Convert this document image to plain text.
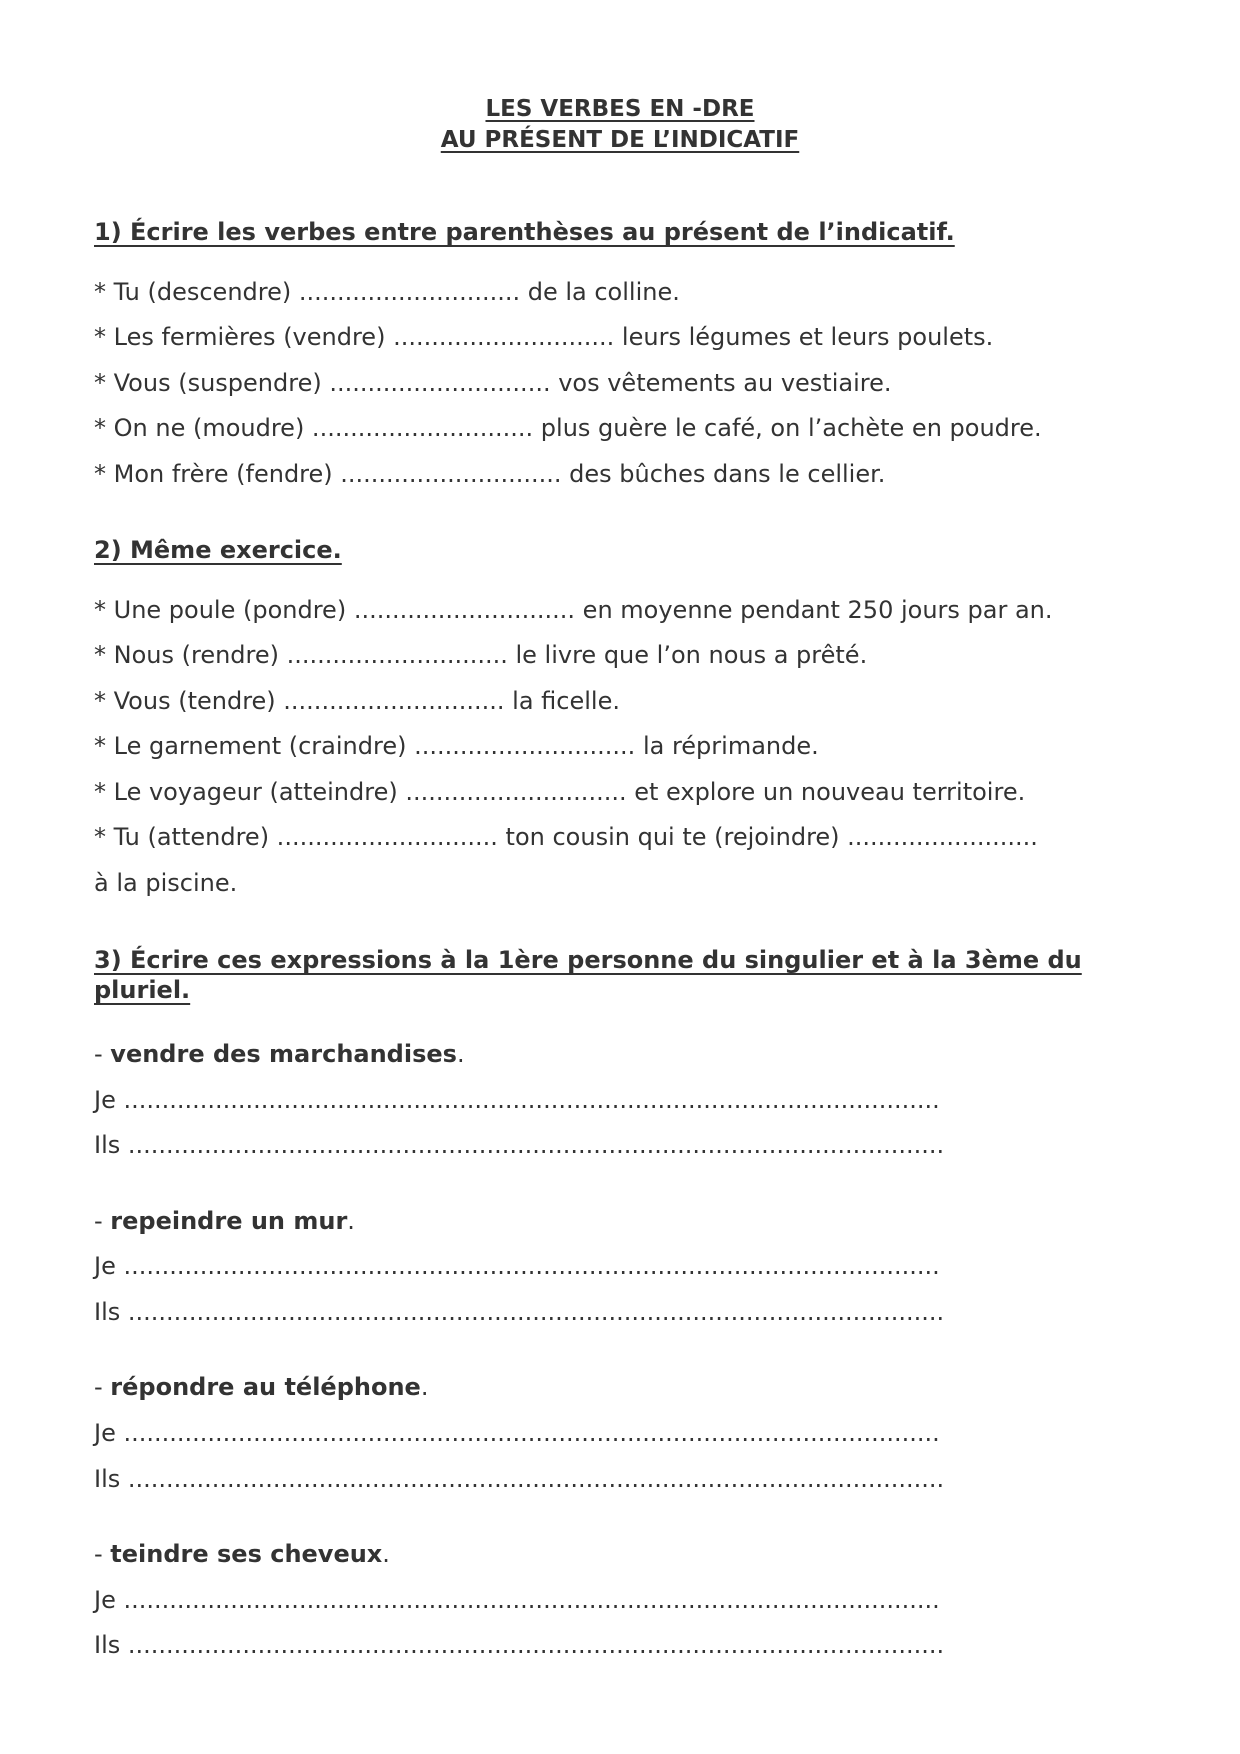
LES VERBES EN -DRE
AU PRÉSENT DE L’INDICATIF
1) Écrire les verbes entre parenthèses au présent de l’indicatif.
* Tu (descendre) ............................. de la colline.
* Les fermières (vendre) ............................. leurs légumes et leurs poulets.
* Vous (suspendre) ............................. vos vêtements au vestiaire.
* On ne (moudre) ............................. plus guère le café, on l’achète en poudre.
* Mon frère (fendre) ............................. des bûches dans le cellier.
2) Même exercice.
* Une poule (pondre) ............................. en moyenne pendant 250 jours par an.
* Nous (rendre) ............................. le livre que l’on nous a prêté.
* Vous (tendre) ............................. la ficelle.
* Le garnement (craindre) ............................. la réprimande.
* Le voyageur (atteindre) ............................. et explore un nouveau territoire.
* Tu (attendre) ............................. ton cousin qui te (rejoindre) .........................
à la piscine.
3) Écrire ces expressions à la 1ère personne du singulier et à la 3ème du
pluriel.
- vendre des marchandises.
Je ...........................................................................................................
Ils ...........................................................................................................
- repeindre un mur.
Je ...........................................................................................................
Ils ...........................................................................................................
- répondre au téléphone.
Je ...........................................................................................................
Ils ...........................................................................................................
- teindre ses cheveux.
Je ...........................................................................................................
Ils ...........................................................................................................
